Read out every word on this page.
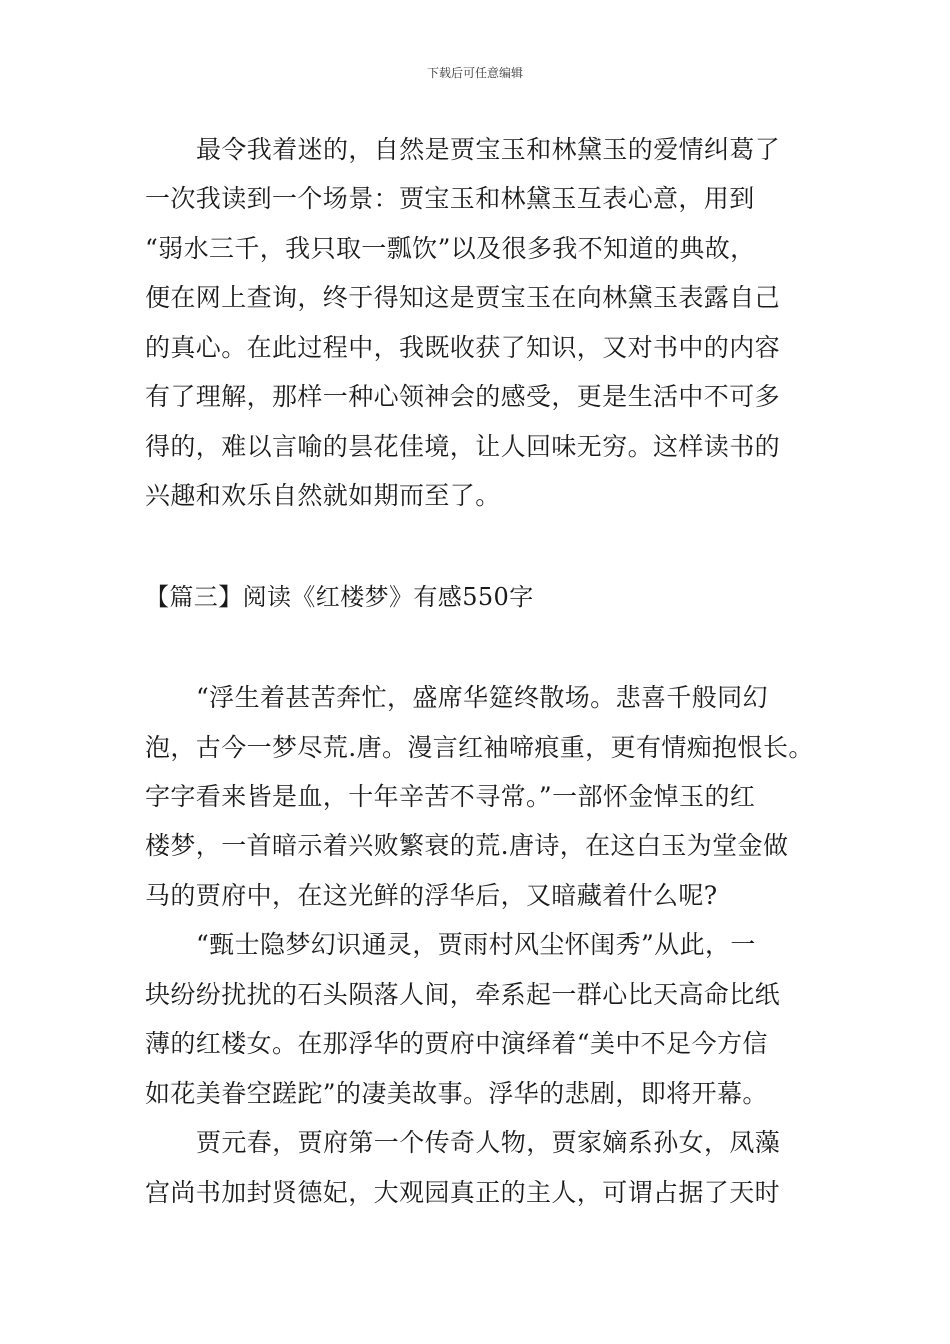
下载后可任意编辑
最令我着迷的，自然是贾宝玉和林黛玉的爱情纠葛了
一次我读到一个场景：贾宝玉和林黛玉互表心意，用到
“弱水三千，我只取一瓢饮”以及很多我不知道的典故，
便在网上查询，终于得知这是贾宝玉在向林黛玉表露自己
的真心。在此过程中，我既收获了知识，又对书中的内容
有了理解，那样一种心领神会的感受，更是生活中不可多
得的，难以言喻的昙花佳境，让人回味无穷。这样读书的
兴趣和欢乐自然就如期而至了。
【篇三】阅读《红楼梦》有感550字
“浮生着甚苦奔忙，盛席华筵终散场。悲喜千般同幻
泡，古今一梦尽荒.唐。漫言红袖啼痕重，更有情痴抱恨长。
字字看来皆是血，十年辛苦不寻常。”一部怀金悼玉的红
楼梦，一首暗示着兴败繁衰的荒.唐诗，在这白玉为堂金做
马的贾府中，在这光鲜的浮华后，又暗藏着什么呢?
“甄士隐梦幻识通灵，贾雨村风尘怀闺秀”从此，一
块纷纷扰扰的石头陨落人间，牵系起一群心比天高命比纸
薄的红楼女。在那浮华的贾府中演绎着“美中不足今方信
如花美眷空蹉跎”的凄美故事。浮华的悲剧，即将开幕。
贾元春，贾府第一个传奇人物，贾家嫡系孙女，凤藻
宫尚书加封贤德妃，大观园真正的主人，可谓占据了天时
